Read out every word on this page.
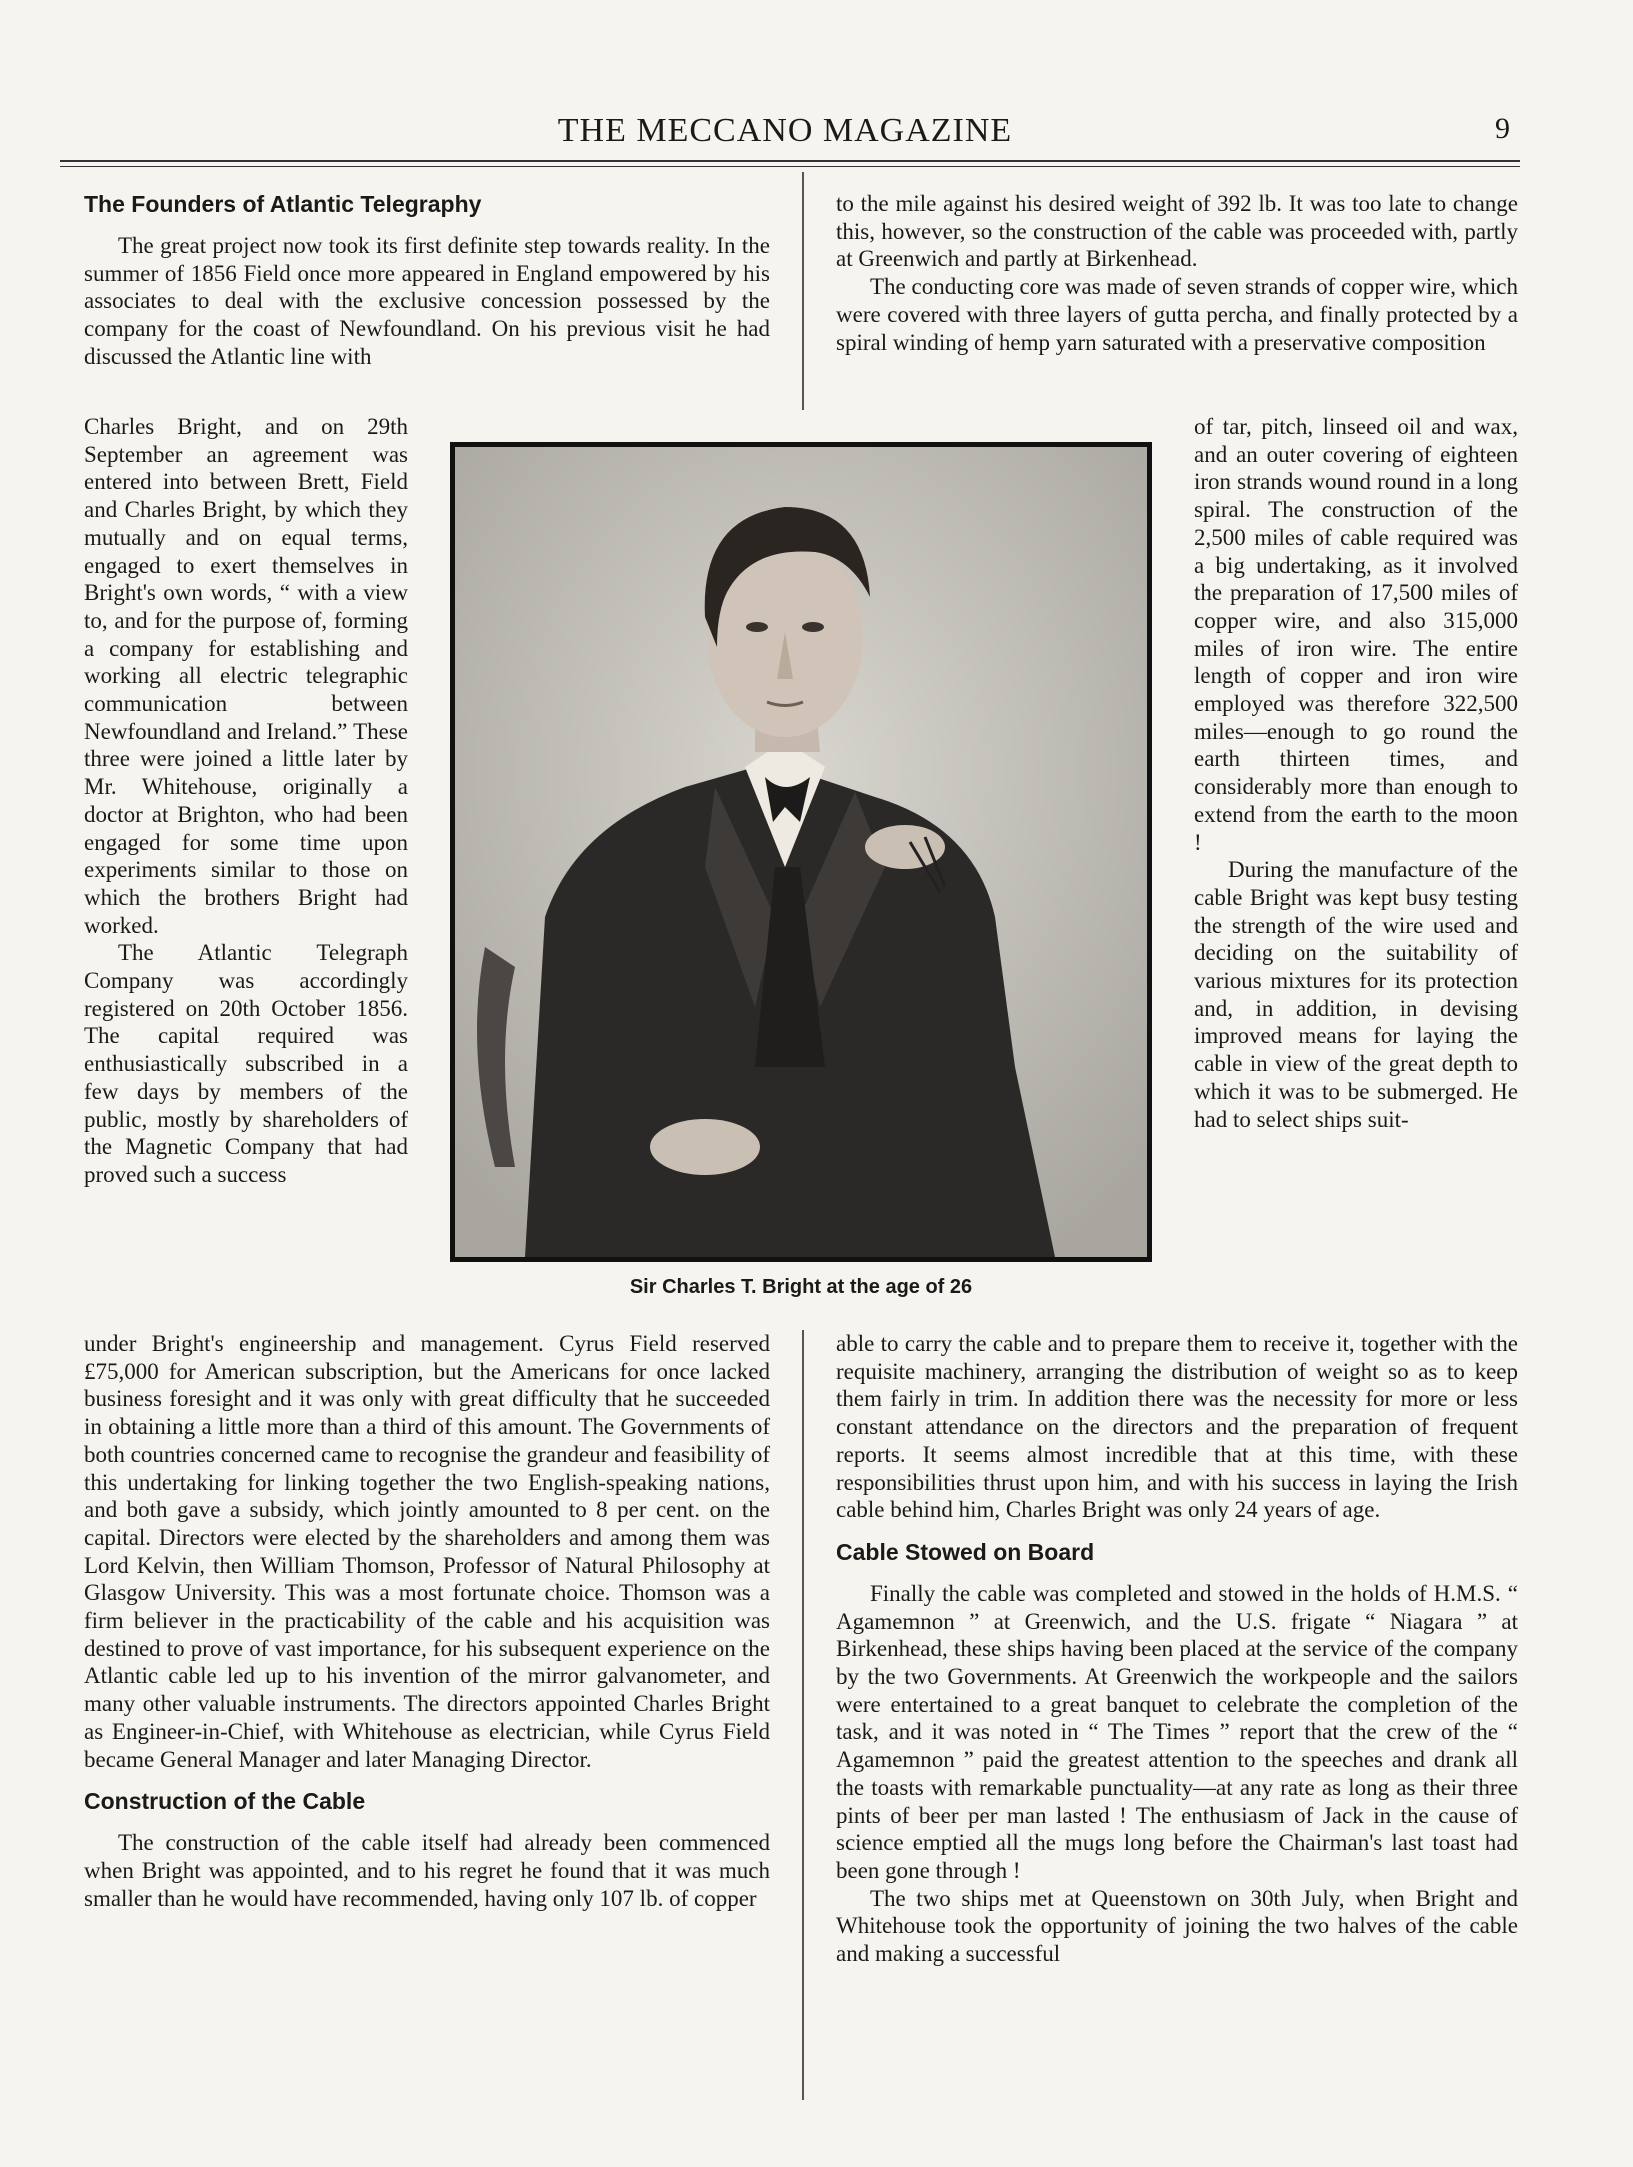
THE MECCANO MAGAZINE	9
The Founders of Atlantic Telegraphy

The great project now took its first definite step towards reality. In the summer of 1856 Field once more appeared in England empowered by his associates to deal with the exclusive concession possessed by the company for the coast of Newfoundland. On his previous visit he had discussed the Atlantic line with

Charles Bright, and on 29th September an agreement was entered into between Brett, Field and Charles Bright, by which they mutually and on equal terms, engaged to exert themselves in Bright's own words, “ with a view to, and for the purpose of, forming a company for establishing and working all electric telegraphic communication between Newfoundland and Ireland.” These three were joined a little later by Mr. Whitehouse, originally a doctor at Brighton, who had been engaged for some time upon experiments similar to those on which the brothers Bright had worked.

The Atlantic Telegraph Company was accordingly registered on 20th October 1856. The capital required was enthusiastically subscribed in a few days by members of the public, mostly by shareholders of the Magnetic Company that had proved such a success

Sir Charles T. Bright at the age of 26

under Bright's engineership and management. Cyrus Field reserved £75,000 for American subscription, but the Americans for once lacked business foresight and it was only with great difficulty that he succeeded in obtaining a little more than a third of this amount. The Governments of both countries concerned came to recognise the grandeur and feasibility of this undertaking for linking together the two English-speaking nations, and both gave a subsidy, which jointly amounted to 8 per cent. on the capital. Directors were elected by the shareholders and among them was Lord Kelvin, then William Thomson, Professor of Natural Philosophy at Glasgow University. This was a most fortunate choice. Thomson was a firm believer in the practicability of the cable and his acquisition was destined to prove of vast importance, for his subsequent experience on the Atlantic cable led up to his invention of the mirror galvanometer, and many other valuable instruments. The directors appointed Charles Bright as Engineer-in-Chief, with Whitehouse as electrician, while Cyrus Field became General Manager and later Managing Director.

Construction of the Cable

The construction of the cable itself had already been commenced when Bright was appointed, and to his regret he found that it was much smaller than he would have recommended, having only 107 lb. of copper

to the mile against his desired weight of 392 lb. It was too late to change this, however, so the construction of the cable was proceeded with, partly at Greenwich and partly at Birkenhead.

The conducting core was made of seven strands of copper wire, which were covered with three layers of gutta percha, and finally protected by a spiral winding of hemp yarn saturated with a preservative composition

of tar, pitch, linseed oil and wax, and an outer covering of eighteen iron strands wound round in a long spiral. The construction of the 2,500 miles of cable required was a big undertaking, as it involved the preparation of 17,500 miles of copper wire, and also 315,000 miles of iron wire. The entire length of copper and iron wire employed was therefore 322,500 miles—enough to go round the earth thirteen times, and considerably more than enough to extend from the earth to the moon !

During the manufacture of the cable Bright was kept busy testing the strength of the wire used and deciding on the suitability of various mixtures for its protection and, in addition, in devising improved means for laying the cable in view of the great depth to which it was to be submerged. He had to select ships suit-

able to carry the cable and to prepare them to receive it, together with the requisite machinery, arranging the distribution of weight so as to keep them fairly in trim. In addition there was the necessity for more or less constant attendance on the directors and the preparation of frequent reports. It seems almost incredible that at this time, with these responsibilities thrust upon him, and with his success in laying the Irish cable behind him, Charles Bright was only 24 years of age.

Cable Stowed on Board

Finally the cable was completed and stowed in the holds of H.M.S. “ Agamemnon ” at Greenwich, and the U.S. frigate “ Niagara ” at Birkenhead, these ships having been placed at the service of the company by the two Governments. At Greenwich the workpeople and the sailors were entertained to a great banquet to celebrate the completion of the task, and it was noted in “ The Times ” report that the crew of the “ Agamemnon ” paid the greatest attention to the speeches and drank all the toasts with remarkable punctuality—at any rate as long as their three pints of beer per man lasted ! The enthusiasm of Jack in the cause of science emptied all the mugs long before the Chairman's last toast had been gone through !

The two ships met at Queenstown on 30th July, when Bright and Whitehouse took the opportunity of joining the two halves of the cable and making a successful
